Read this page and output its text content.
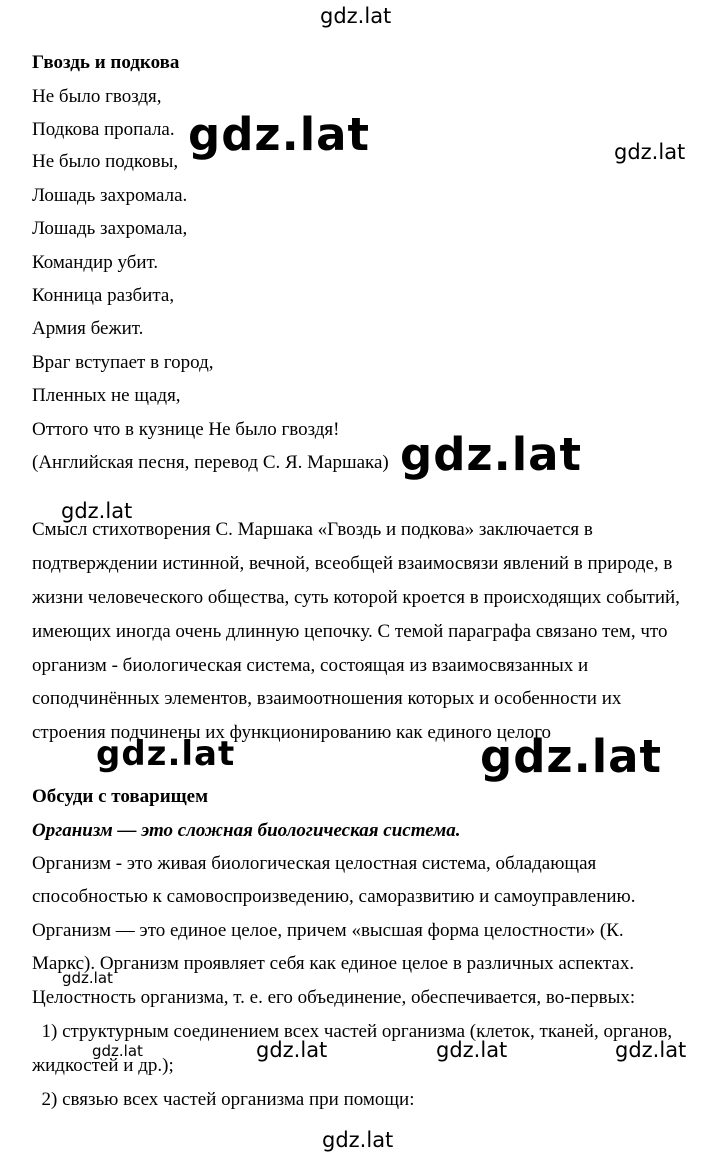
gdz.lat
gdz.lat	gdz.lat
gdz.lat
gdz.lat
gdz.lat	gdz.lat
gdz.lat
gdz.lat	gdz.lat	gdz.lat	gdz.lat
gdz.lat
Гвоздь и подкова
Не было гвоздя,
Подкова пропала.
Не было подковы,
Лошадь захромала.
Лошадь захромала,
Командир убит.
Конница разбита,
Армия бежит.
Враг вступает в город,
Пленных не щадя,
Оттого что в кузнице Не было гвоздя!
(Английская песня, перевод С. Я. Маршака)
Смысл стихотворения С. Маршака «Гвоздь и подкова» заключается в
подтверждении истинной, вечной, всеобщей взаимосвязи явлений в природе, в
жизни человеческого общества, суть которой кроется в происходящих событий,
имеющих иногда очень длинную цепочку. С темой параграфа связано тем, что
организм - биологическая система, состоящая из взаимосвязанных и
соподчинённых элементов, взаимоотношения которых и особенности их
строения подчинены их функционированию как единого целого
Обсуди с товарищем
Организм — это сложная биологическая система.
Организм - это живая биологическая целостная система, обладающая
способностью к самовоспроизведению, саморазвитию и самоуправлению.
Организм — это единое целое, причем «высшая форма целостности» (К.
Маркс). Организм проявляет себя как единое целое в различных аспектах.
Целостность организма, т. е. его объединение, обеспечивается, во-первых:
1) структурным соединением всех частей организма (клеток, тканей, органов,
жидкостей и др.);
2) связью всех частей организма при помощи:
